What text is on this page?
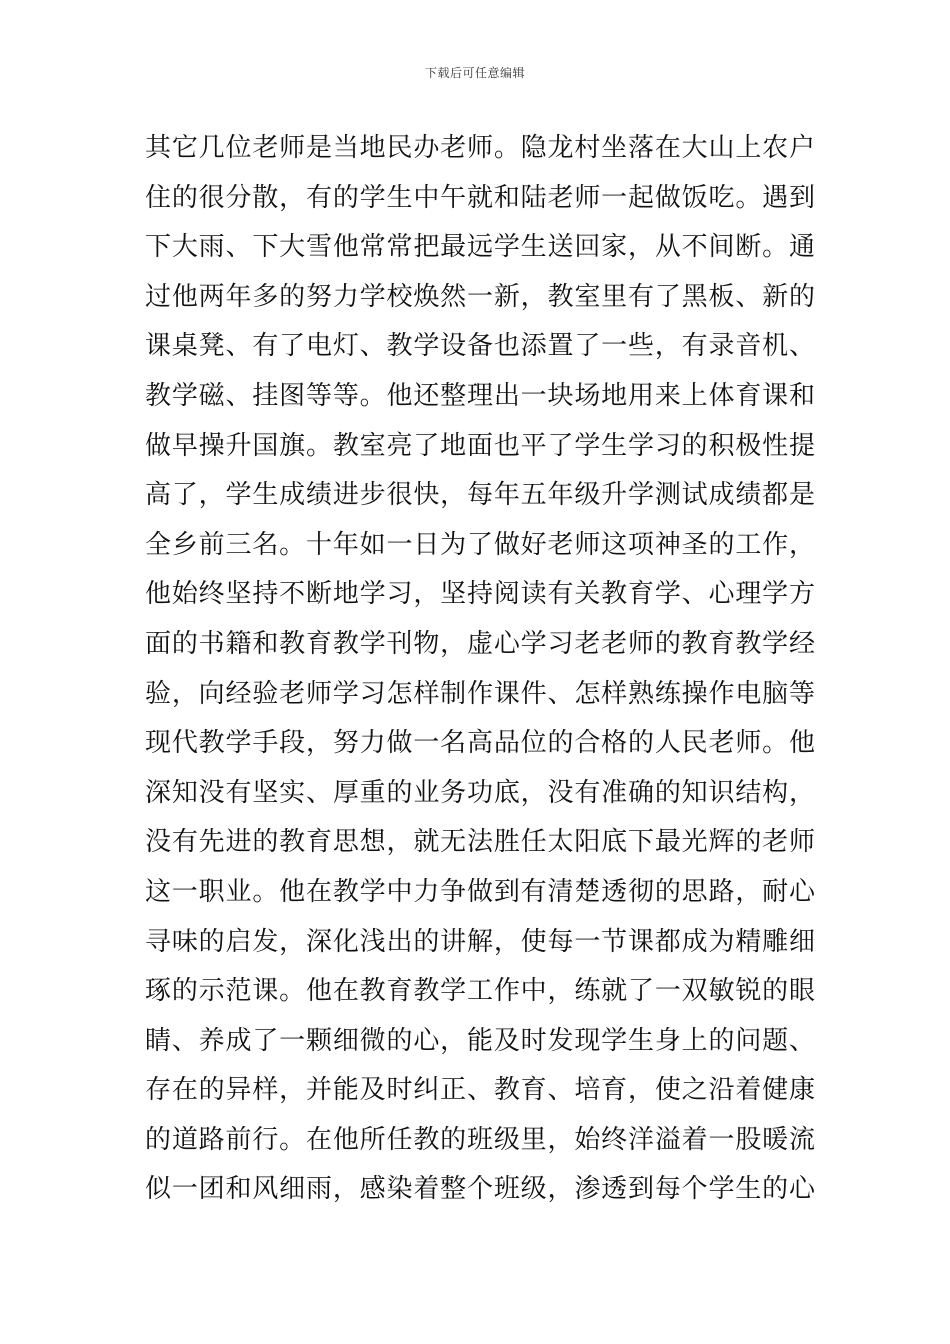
下载后可任意编辑
其它几位老师是当地民办老师。隐龙村坐落在大山上农户
住的很分散，有的学生中午就和陆老师一起做饭吃。遇到
下大雨、下大雪他常常把最远学生送回家，从不间断。通
过他两年多的努力学校焕然一新，教室里有了黑板、新的
课桌凳、有了电灯、教学设备也添置了一些，有录音机、
教学磁、挂图等等。他还整理出一块场地用来上体育课和
做早操升国旗。教室亮了地面也平了学生学习的积极性提
高了，学生成绩进步很快，每年五年级升学测试成绩都是
全乡前三名。十年如一日为了做好老师这项神圣的工作，
他始终坚持不断地学习，坚持阅读有关教育学、心理学方
面的书籍和教育教学刊物，虚心学习老老师的教育教学经
验，向经验老师学习怎样制作课件、怎样熟练操作电脑等
现代教学手段，努力做一名高品位的合格的人民老师。他
深知没有坚实、厚重的业务功底，没有准确的知识结构，
没有先进的教育思想，就无法胜任太阳底下最光辉的老师
这一职业。他在教学中力争做到有清楚透彻的思路，耐心
寻味的启发，深化浅出的讲解，使每一节课都成为精雕细
琢的示范课。他在教育教学工作中，练就了一双敏锐的眼
睛、养成了一颗细微的心，能及时发现学生身上的问题、
存在的异样，并能及时纠正、教育、培育，使之沿着健康
的道路前行。在他所任教的班级里，始终洋溢着一股暖流
似一团和风细雨，感染着整个班级，渗透到每个学生的心
